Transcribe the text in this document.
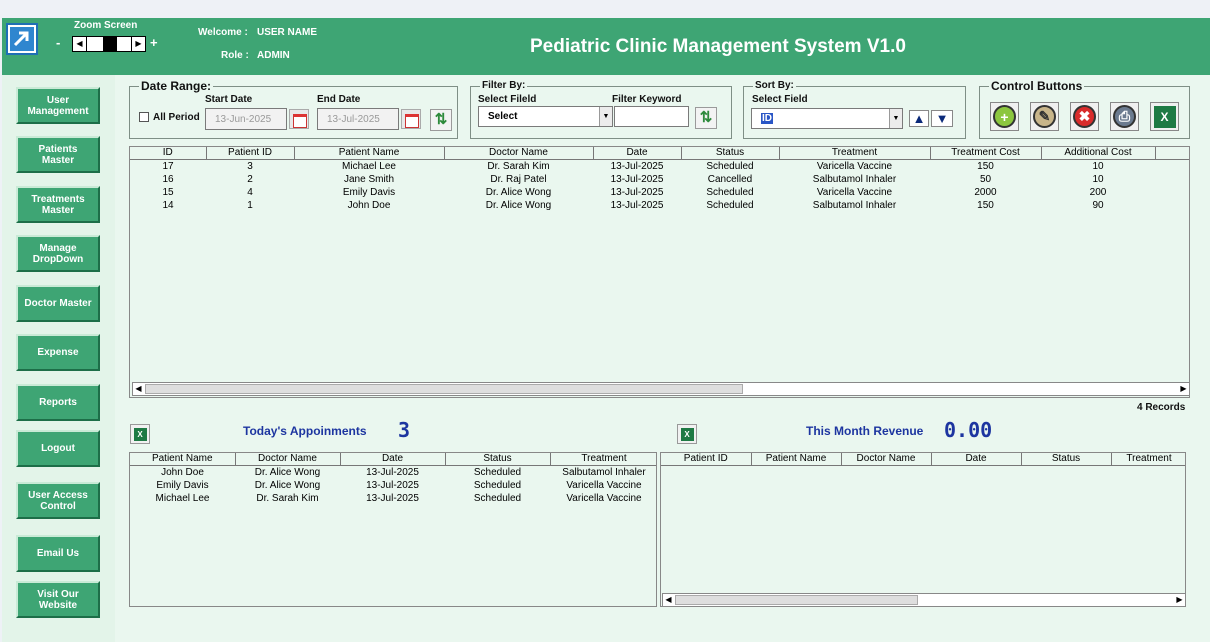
Zoom Screen
-	◀	▶ +
Welcome : USER NAME
Role : ADMIN	Pediatric Clinic Management System V1.0
User
Management
Patients
Master
Treatments
Master
Manage
DropDown
Doctor Master
Expense
Reports
Logout
User Access
Control
Email Us
Visit Our
Website
Date Range:
All Period
Start Date	End Date
13-Jun-2025	13-Jul-2025	⇅
Filter By:
Select Fileld	Filter Keyword
Select	▼	⇅
Sort By:
Select Field
ID	▼ ▲ ▼
Control Buttons
+	✎	✖	⎙	X
ID	Patient ID	Patient Name	Doctor Name	Date	Status	Treatment	Treatment Cost	Additional Cost	
17	3	Michael Lee	Dr. Sarah Kim	13-Jul-2025	Scheduled	Varicella Vaccine	150	10	
16	2	Jane Smith	Dr. Raj Patel	13-Jul-2025	Cancelled	Salbutamol Inhaler	50	10	
15	4	Emily Davis	Dr. Alice Wong	13-Jul-2025	Scheduled	Varicella Vaccine	2000	200	
14	1	John Doe	Dr. Alice Wong	13-Jul-2025	Scheduled	Salbutamol Inhaler	150	90	
◀	▶
4 Records
X	Today's Appoinments 3
Patient Name	Doctor Name	Date	Status	Treatment
John Doe	Dr. Alice Wong	13-Jul-2025	Scheduled	Salbutamol Inhaler
Emily Davis	Dr. Alice Wong	13-Jul-2025	Scheduled	Varicella Vaccine
Michael Lee	Dr. Sarah Kim	13-Jul-2025	Scheduled	Varicella Vaccine
X	This Month Revenue 0.00
Patient ID	Patient Name	Doctor Name	Date	Status	Treatment
◀	▶
